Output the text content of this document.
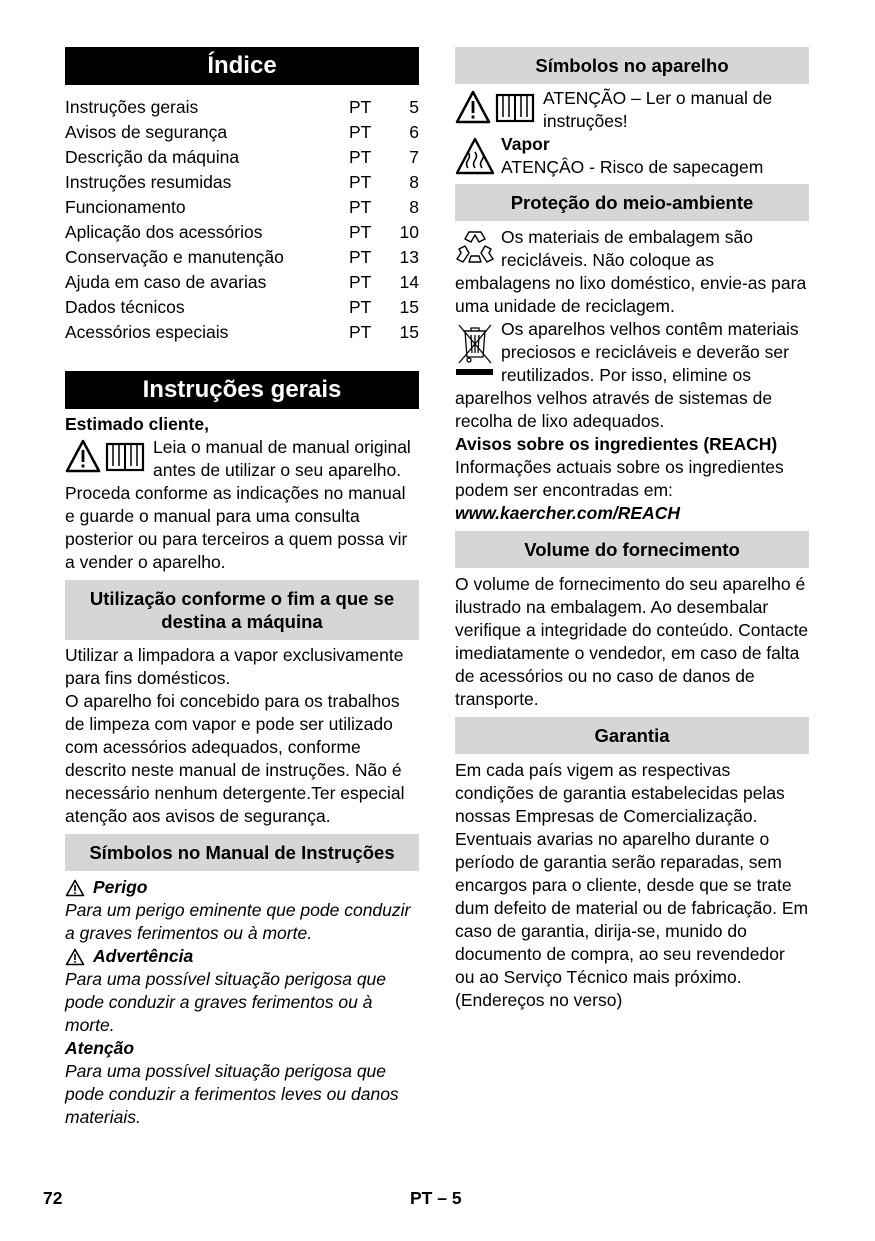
Índice
Instruções gerais	PT	5
Avisos de segurança	PT	6
Descrição da máquina	PT	7
Instruções resumidas	PT	8
Funcionamento	PT	8
Aplicação dos acessórios	PT	10
Conservação e manutenção	PT	13
Ajuda em caso de avarias	PT	14
Dados técnicos	PT	15
Acessórios especiais	PT	15
Instruções gerais

Estimado cliente,

Leia o manual de manual original antes de utilizar o seu aparelho. Proceda conforme as indicações no manual e guarde o manual para uma consulta posterior ou para terceiros a quem possa vir a vender o aparelho.

Utilização conforme o fim a que se destina a máquina

Utilizar a limpadora a vapor exclusivamente para fins domésticos.

O aparelho foi concebido para os trabalhos de limpeza com vapor e pode ser utilizado com acessórios adequados, conforme descrito neste manual de instruções. Não é necessário nenhum detergente.Ter especial atenção aos avisos de segurança.

Símbolos no Manual de Instruções
Perigo

Para um perigo eminente que pode conduzir a graves ferimentos ou à morte.

Advertência

Para uma possível situação perigosa que pode conduzir a graves ferimentos ou à morte.

Atenção

Para uma possível situação perigosa que pode conduzir a ferimentos leves ou danos materiais.

Símbolos no aparelho

ATENÇÃO – Ler o manual de instruções!

Vapor

ATENÇÂO - Risco de sapecagem

Proteção do meio-ambiente

Os materiais de embalagem são recicláveis. Não coloque as embalagens no lixo doméstico, envie-as para uma unidade de reciclagem.

Os aparelhos velhos contêm materiais preciosos e recicláveis e deverão ser reutilizados. Por isso, elimine os aparelhos velhos através de sistemas de recolha de lixo adequados.

Avisos sobre os ingredientes (REACH)

Informações actuais sobre os ingredientes podem ser encontradas em:

www.kaercher.com/REACH

Volume do fornecimento

O volume de fornecimento do seu aparelho é ilustrado na embalagem. Ao desembalar verifique a integridade do conteúdo. Contacte imediatamente o vendedor, em caso de falta de acessórios ou no caso de danos de transporte.

Garantia

Em cada país vigem as respectivas condições de garantia estabelecidas pelas nossas Empresas de Comercialização. Eventuais avarias no aparelho durante o período de garantia serão reparadas, sem encargos para o cliente, desde que se trate dum defeito de material ou de fabricação. Em caso de garantia, dirija-se, munido do documento de compra, ao seu revendedor ou ao Serviço Técnico mais próximo. (Endereços no verso)

72	PT – 5
